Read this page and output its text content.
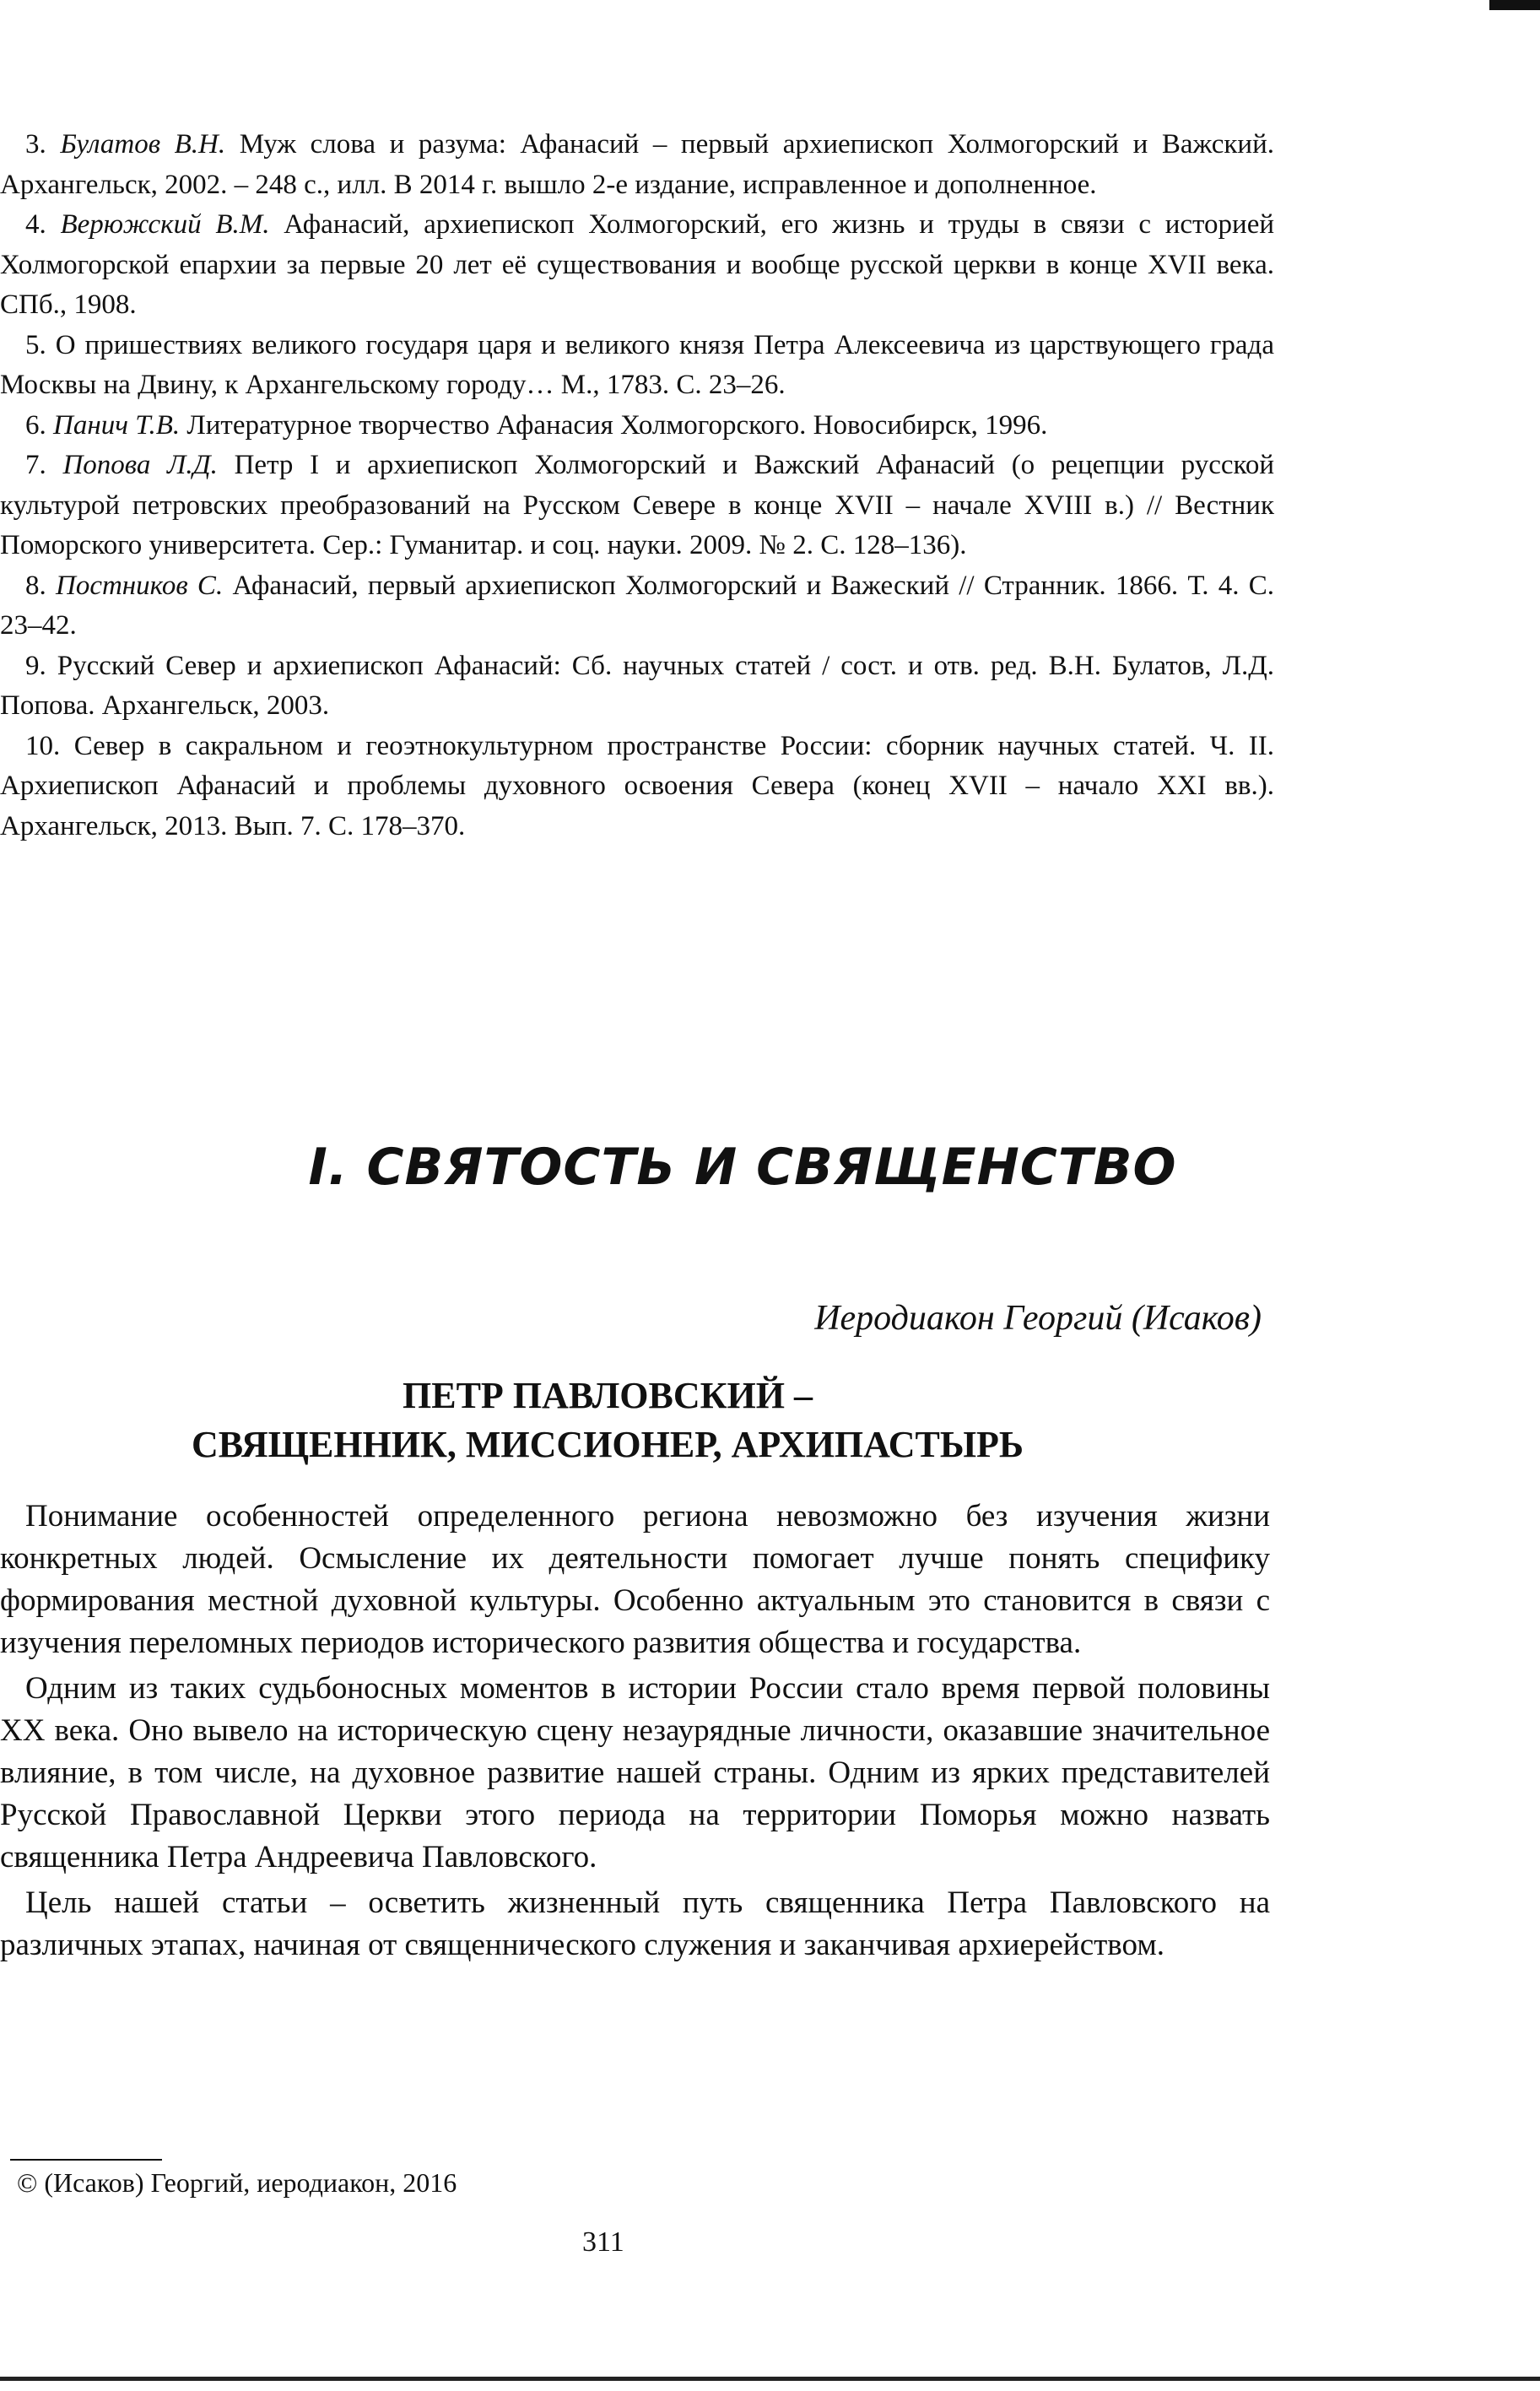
3. Булатов В.Н. Муж слова и разума: Афанасий – первый архиепископ Холмогорский и Важский. Архангельск, 2002. – 248 с., илл. В 2014 г. вышло 2-е издание, исправленное и дополненное.

4. Верюжский В.М. Афанасий, архиепископ Холмогорский, его жизнь и труды в связи с историей Холмогорской епархии за первые 20 лет её существования и вообще русской церкви в конце XVII века. СПб., 1908.

5. О пришествиях великого государя царя и великого князя Петра Алексеевича из царствующего града Москвы на Двину, к Архангельскому городу… М., 1783. С. 23–26.

6. Панич Т.В. Литературное творчество Афанасия Холмогорского. Новосибирск, 1996.

7. Попова Л.Д. Петр I и архиепископ Холмогорский и Важский Афанасий (о рецепции русской культурой петровских преобразований на Русском Севере в конце XVII – начале XVIII в.) // Вестник Поморского университета. Сер.: Гуманитар. и соц. науки. 2009. № 2. С. 128–136).

8. Постников С. Афанасий, первый архиепископ Холмогорский и Важеский // Странник. 1866. Т. 4. С. 23–42.

9. Русский Север и архиепископ Афанасий: Сб. научных статей / сост. и отв. ред. В.Н. Булатов, Л.Д. Попова. Архангельск, 2003.

10. Север в сакральном и геоэтнокультурном пространстве России: сборник научных статей. Ч. II. Архиепископ Афанасий и проблемы духовного освоения Севера (конец XVII – начало XXI вв.). Архангельск, 2013. Вып. 7. С. 178–370.

I. СВЯТОСТЬ И СВЯЩЕНСТВО
Иеродиакон Георгий (Исаков)
ПЕТР ПАВЛОВСКИЙ –
СВЯЩЕННИК, МИССИОНЕР, АРХИПАСТЫРЬ

Понимание особенностей определенного региона невозможно без изучения жизни конкретных людей. Осмысление их деятельности помогает лучше понять специфику формирования местной духовной культуры. Особенно актуальным это становится в связи с изучения переломных периодов исторического развития общества и государства.

Одним из таких судьбоносных моментов в истории России стало время первой половины XX века. Оно вывело на историческую сцену незаурядные личности, оказавшие значительное влияние, в том числе, на духовное развитие нашей страны. Одним из ярких представителей Русской Православной Церкви этого периода на территории Поморья можно назвать священника Петра Андреевича Павловского.

Цель нашей статьи – осветить жизненный путь священника Петра Павловского на различных этапах, начиная от священнического служения и заканчивая архиерейством.

© (Исаков) Георгий, иеродиакон, 2016
311
